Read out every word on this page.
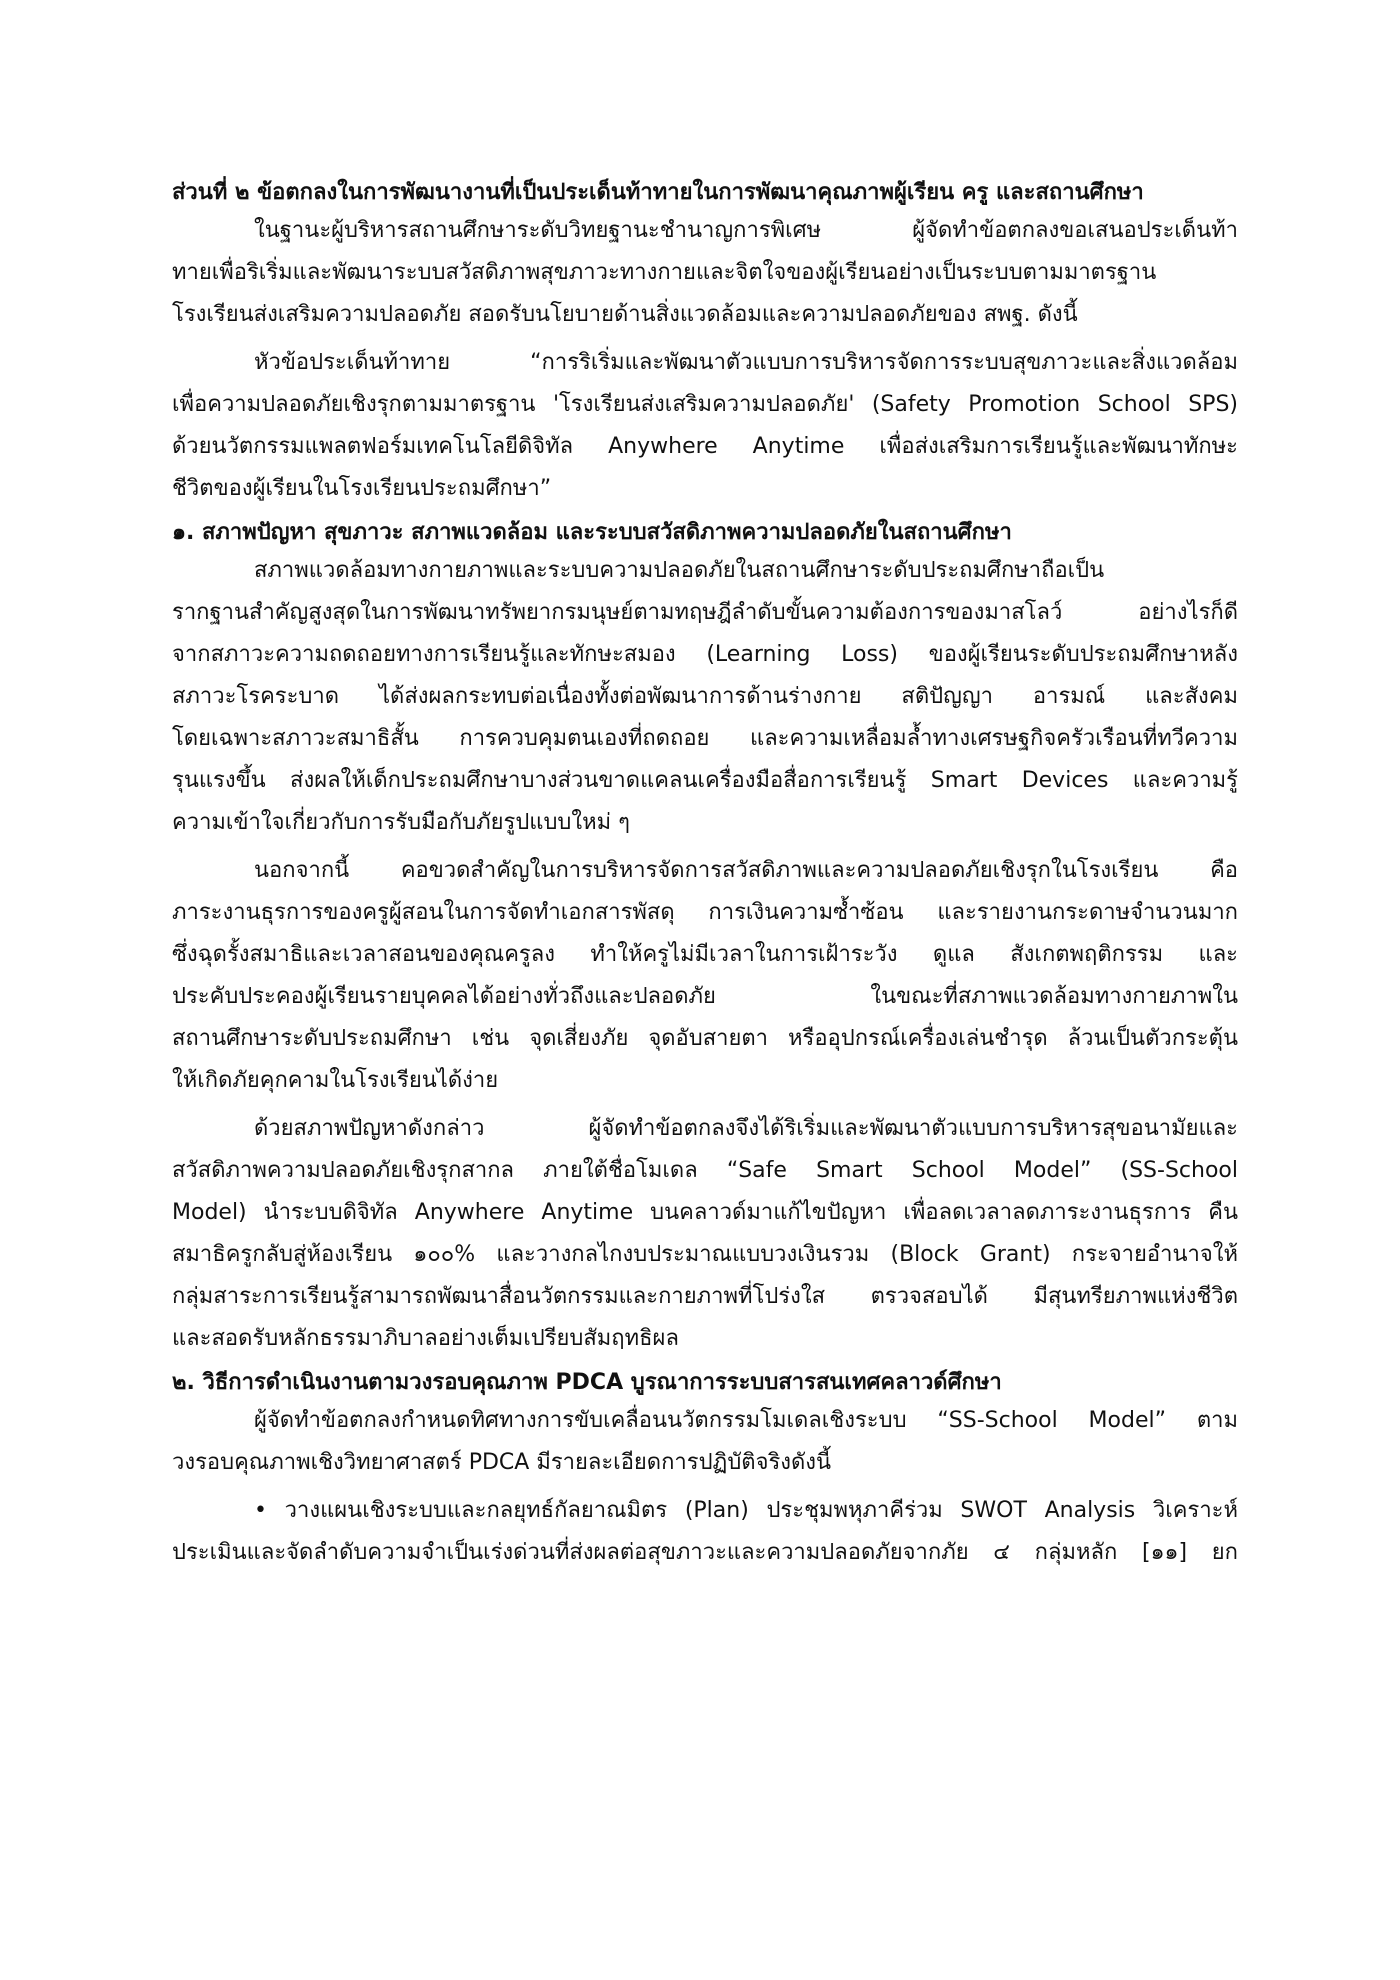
ส่วนที่ ๒ ข้อตกลงในการพัฒนางานที่เป็นประเด็นท้าทายในการพัฒนาคุณภาพผู้เรียน ครู และสถานศึกษา
ในฐานะผู้บริหารสถานศึกษาระดับวิทยฐานะชำนาญการพิเศษ ผู้จัดทำข้อตกลงขอเสนอประเด็นท้า
ทายเพื่อริเริ่มและพัฒนาระบบสวัสดิภาพสุขภาวะทางกายและจิตใจของผู้เรียนอย่างเป็นระบบตามมาตรฐาน
โรงเรียนส่งเสริมความปลอดภัย สอดรับนโยบายด้านสิ่งแวดล้อมและความปลอดภัยของ สพฐ. ดังนี้
หัวข้อประเด็นท้าทาย “การริเริ่มและพัฒนาตัวแบบการบริหารจัดการระบบสุขภาวะและสิ่งแวดล้อม
เพื่อความปลอดภัยเชิงรุกตามมาตรฐาน 'โรงเรียนส่งเสริมความปลอดภัย' (Safety Promotion School SPS)
ด้วยนวัตกรรมแพลตฟอร์มเทคโนโลยีดิจิทัล Anywhere Anytime เพื่อส่งเสริมการเรียนรู้และพัฒนาทักษะ
ชีวิตของผู้เรียนในโรงเรียนประถมศึกษา”
๑. สภาพปัญหา สุขภาวะ สภาพแวดล้อม และระบบสวัสดิภาพความปลอดภัยในสถานศึกษา
สภาพแวดล้อมทางกายภาพและระบบความปลอดภัยในสถานศึกษาระดับประถมศึกษาถือเป็น
รากฐานสำคัญสูงสุดในการพัฒนาทรัพยากรมนุษย์ตามทฤษฎีลำดับขั้นความต้องการของมาสโลว์ อย่างไรก็ดี
จากสภาวะความถดถอยทางการเรียนรู้และทักษะสมอง (Learning Loss) ของผู้เรียนระดับประถมศึกษาหลัง
สภาวะโรคระบาด ได้ส่งผลกระทบต่อเนื่องทั้งต่อพัฒนาการด้านร่างกาย สติปัญญา อารมณ์ และสังคม
โดยเฉพาะสภาวะสมาธิสั้น การควบคุมตนเองที่ถดถอย และความเหลื่อมล้ำทางเศรษฐกิจครัวเรือนที่ทวีความ
รุนแรงขึ้น ส่งผลให้เด็กประถมศึกษาบางส่วนขาดแคลนเครื่องมือสื่อการเรียนรู้ Smart Devices และความรู้
ความเข้าใจเกี่ยวกับการรับมือกับภัยรูปแบบใหม่ ๆ
นอกจากนี้ คอขวดสำคัญในการบริหารจัดการสวัสดิภาพและความปลอดภัยเชิงรุกในโรงเรียน คือ
ภาระงานธุรการของครูผู้สอนในการจัดทำเอกสารพัสดุ การเงินความซ้ำซ้อน และรายงานกระดาษจำนวนมาก
ซึ่งฉุดรั้งสมาธิและเวลาสอนของคุณครูลง ทำให้ครูไม่มีเวลาในการเฝ้าระวัง ดูแล สังเกตพฤติกรรม และ
ประคับประคองผู้เรียนรายบุคคลได้อย่างทั่วถึงและปลอดภัย ในขณะที่สภาพแวดล้อมทางกายภาพใน
สถานศึกษาระดับประถมศึกษา เช่น จุดเสี่ยงภัย จุดอับสายตา หรืออุปกรณ์เครื่องเล่นชำรุด ล้วนเป็นตัวกระตุ้น
ให้เกิดภัยคุกคามในโรงเรียนได้ง่าย
ด้วยสภาพปัญหาดังกล่าว ผู้จัดทำข้อตกลงจึงได้ริเริ่มและพัฒนาตัวแบบการบริหารสุขอนามัยและ
สวัสดิภาพความปลอดภัยเชิงรุกสากล ภายใต้ชื่อโมเดล “Safe Smart School Model” (SS-School
Model) นำระบบดิจิทัล Anywhere Anytime บนคลาวด์มาแก้ไขปัญหา เพื่อลดเวลาลดภาระงานธุรการ คืน
สมาธิครูกลับสู่ห้องเรียน ๑๐๐% และวางกลไกงบประมาณแบบวงเงินรวม (Block Grant) กระจายอำนาจให้
กลุ่มสาระการเรียนรู้สามารถพัฒนาสื่อนวัตกรรมและกายภาพที่โปร่งใส ตรวจสอบได้ มีสุนทรียภาพแห่งชีวิต
และสอดรับหลักธรรมาภิบาลอย่างเต็มเปรียบสัมฤทธิผล
๒. วิธีการดำเนินงานตามวงรอบคุณภาพ PDCA บูรณาการระบบสารสนเทศคลาวด์ศึกษา
ผู้จัดทำข้อตกลงกำหนดทิศทางการขับเคลื่อนนวัตกรรมโมเดลเชิงระบบ “SS-School Model” ตาม
วงรอบคุณภาพเชิงวิทยาศาสตร์ PDCA มีรายละเอียดการปฏิบัติจริงดังนี้
• วางแผนเชิงระบบและกลยุทธ์กัลยาณมิตร (Plan) ประชุมพหุภาคีร่วม SWOT Analysis วิเคราะห์
ประเมินและจัดลำดับความจำเป็นเร่งด่วนที่ส่งผลต่อสุขภาวะและความปลอดภัยจากภัย ๔ กลุ่มหลัก [๑๑] ยก
